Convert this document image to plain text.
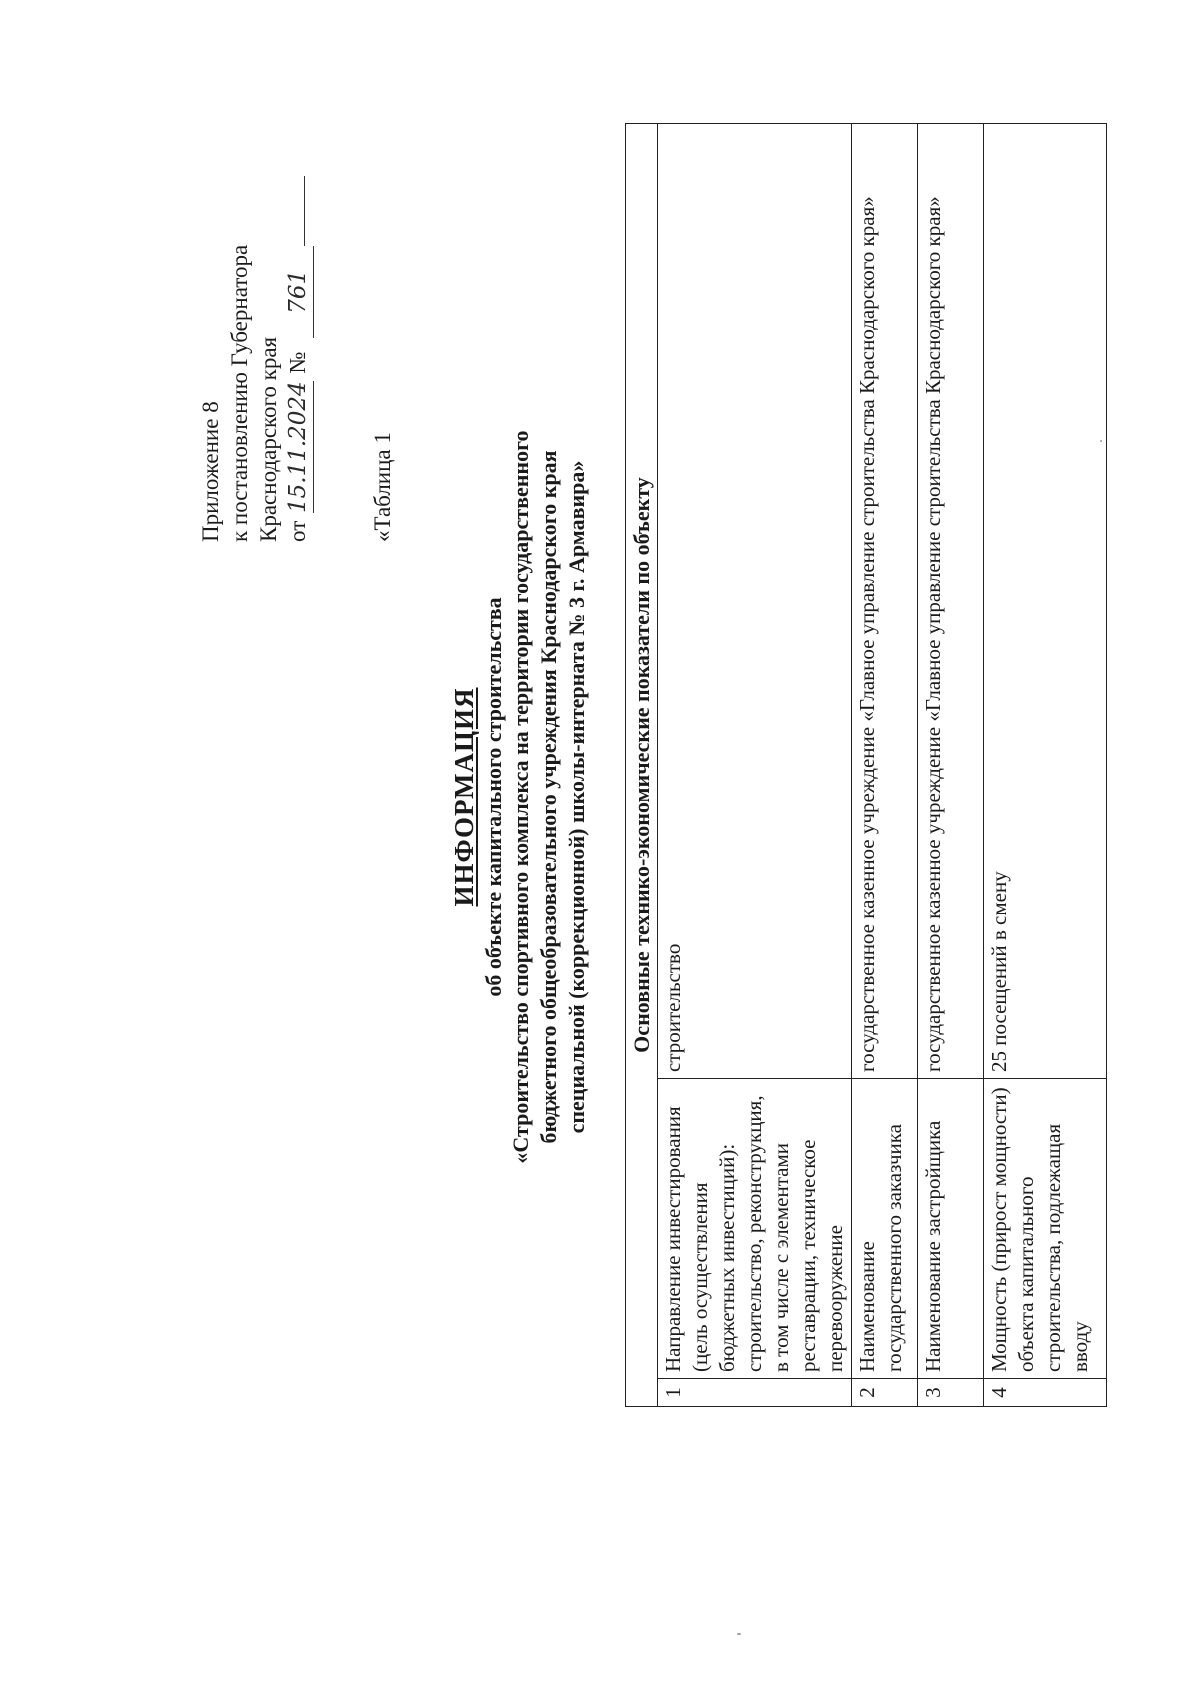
Приложение 8 к постановлению Губернатора Краснодарского края от 15.11.2024 № 761
«Таблица 1
ИНФОРМАЦИЯ об объекте капитального строительства «Строительство спортивного комплекса на территории государственного бюджетного общеобразовательного учреждения Краснодарского края специальной (коррекционной) школы-интерната № 3 г. Армавира» Основные технико-экономические показатели по объекту		
1	Направление инвестирования (цель осуществления бюджетных инвестиций): строительство, реконструкция, в том числе с элементами реставрации, техническое перевооружение	строительство
2	Наименование государственного заказчика	государственное казенное учреждение «Главное управление строительства Краснодарского края»
3	Наименование застройщика	государственное казенное учреждение «Главное управление строительства Краснодарского края»
4	Мощность (прирост мощности) объекта капитального строительства, подлежащая вводу	25 посещений в смену
